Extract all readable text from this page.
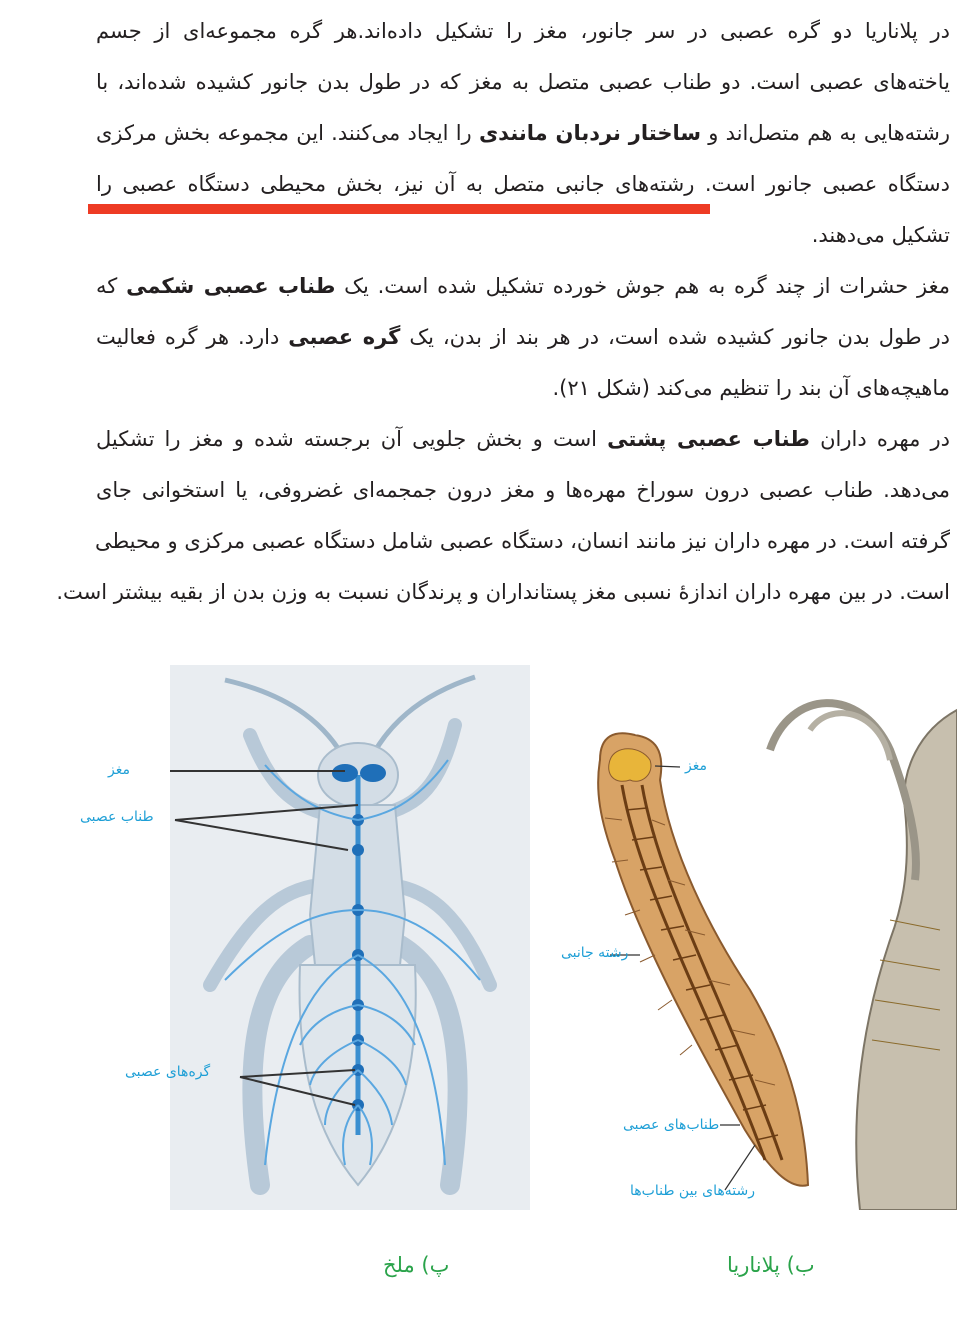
در پلاناریا دو گره عصبی در سر جانور، مغز را تشکیل داده‌اند.هر گره مجموعه‌ای از جسم
یاخته‌های عصبی است. دو طناب عصبی متصل به مغز که در طول بدن جانور کشیده شده‌اند، با
رشته‌هایی به هم متصل‌اند و ساختار نردبان مانندی را ایجاد می‌کنند. این مجموعه بخش مرکزی
دستگاه عصبی جانور است. رشته‌های جانبی متصل به آن نیز، بخش محیطی دستگاه عصبی را
تشکیل می‌دهند.
مغز حشرات از چند گره به هم جوش خورده تشکیل شده است. یک طناب عصبی شکمی که
در طول بدن جانور کشیده شده است، در هر بند از بدن، یک گره عصبی دارد. هر گره فعالیت
ماهیچه‌های آن بند را تنظیم می‌کند (شکل ۲۱).
در مهره داران طناب عصبی پشتی است و بخش جلویی آن برجسته شده و مغز را تشکیل
می‌دهد. طناب عصبی درون سوراخ مهره‌ها و مغز درون جمجمه‌ای غضروفی، یا استخوانی جای
گرفته است. در مهره داران نیز مانند انسان، دستگاه عصبی شامل دستگاه عصبی مرکزی و محیطی
است. در بین مهره داران اندازهٔ نسبی مغز پستانداران و پرندگان نسبت به وزن بدن از بقیه بیشتر است.
مغز
طناب عصبی
گره‌های عصبی
پ) ملخ
مغز
رشته جانبی
طناب‌های عصبی
رشته‌های بین طناب‌ها
ب) پلاناریا
